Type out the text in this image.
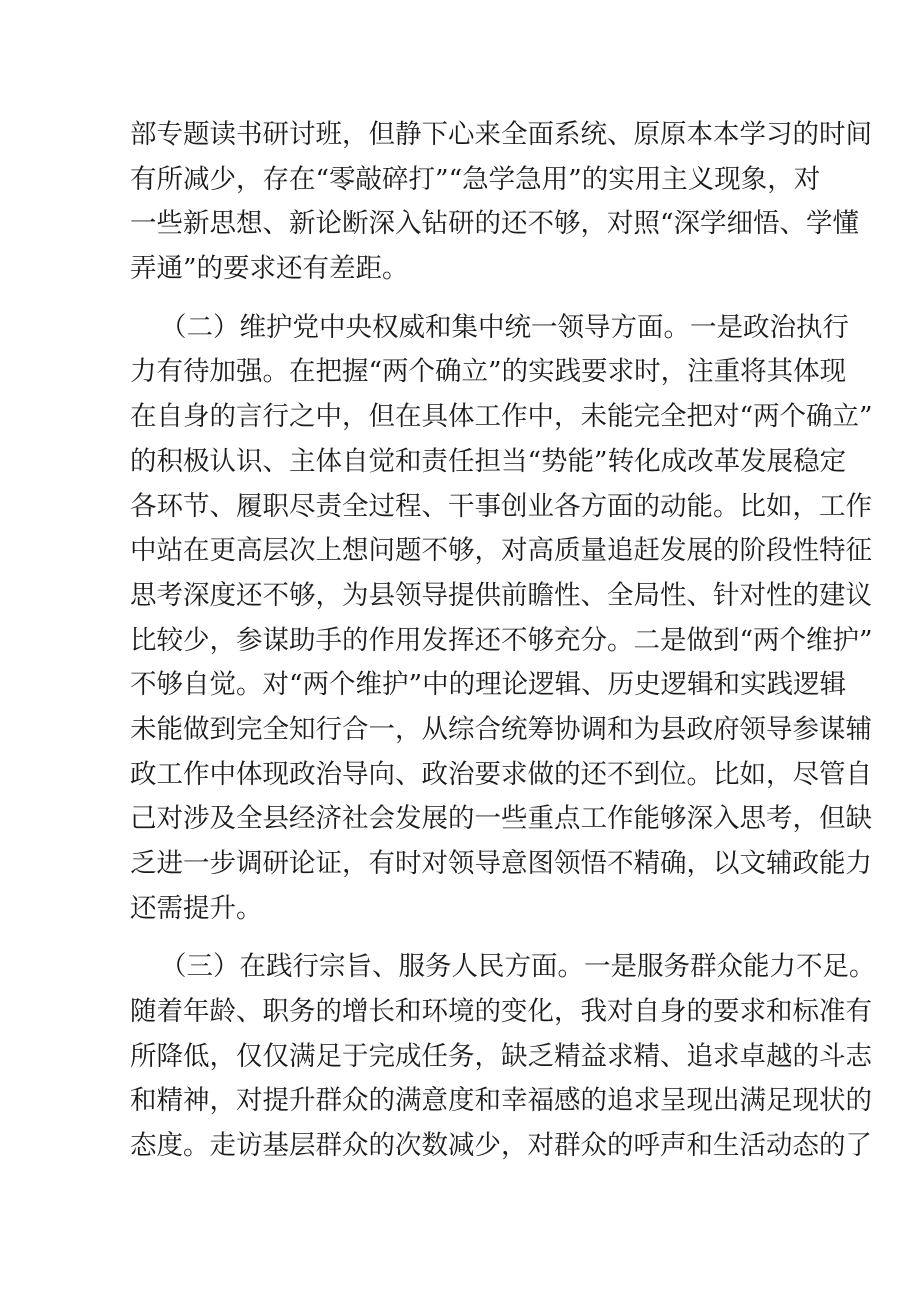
部专题读书研讨班，但静下心来全面系统、原原本本学习的时间
有所减少，存在“零敲碎打”“急学急用”的实用主义现象，对
一些新思想、新论断深入钻研的还不够，对照“深学细悟、学懂
弄通”的要求还有差距。
（二）维护党中央权威和集中统一领导方面。一是政治执行
力有待加强。在把握“两个确立”的实践要求时，注重将其体现
在自身的言行之中，但在具体工作中，未能完全把对“两个确立”
的积极认识、主体自觉和责任担当“势能”转化成改革发展稳定
各环节、履职尽责全过程、干事创业各方面的动能。比如，工作
中站在更高层次上想问题不够，对高质量追赶发展的阶段性特征
思考深度还不够，为县领导提供前瞻性、全局性、针对性的建议
比较少，参谋助手的作用发挥还不够充分。二是做到“两个维护”
不够自觉。对“两个维护”中的理论逻辑、历史逻辑和实践逻辑
未能做到完全知行合一，从综合统筹协调和为县政府领导参谋辅
政工作中体现政治导向、政治要求做的还不到位。比如，尽管自
己对涉及全县经济社会发展的一些重点工作能够深入思考，但缺
乏进一步调研论证，有时对领导意图领悟不精确，以文辅政能力
还需提升。
（三）在践行宗旨、服务人民方面。一是服务群众能力不足。
随着年龄、职务的增长和环境的变化，我对自身的要求和标准有
所降低，仅仅满足于完成任务，缺乏精益求精、追求卓越的斗志
和精神，对提升群众的满意度和幸福感的追求呈现出满足现状的
态度。走访基层群众的次数减少，对群众的呼声和生活动态的了
